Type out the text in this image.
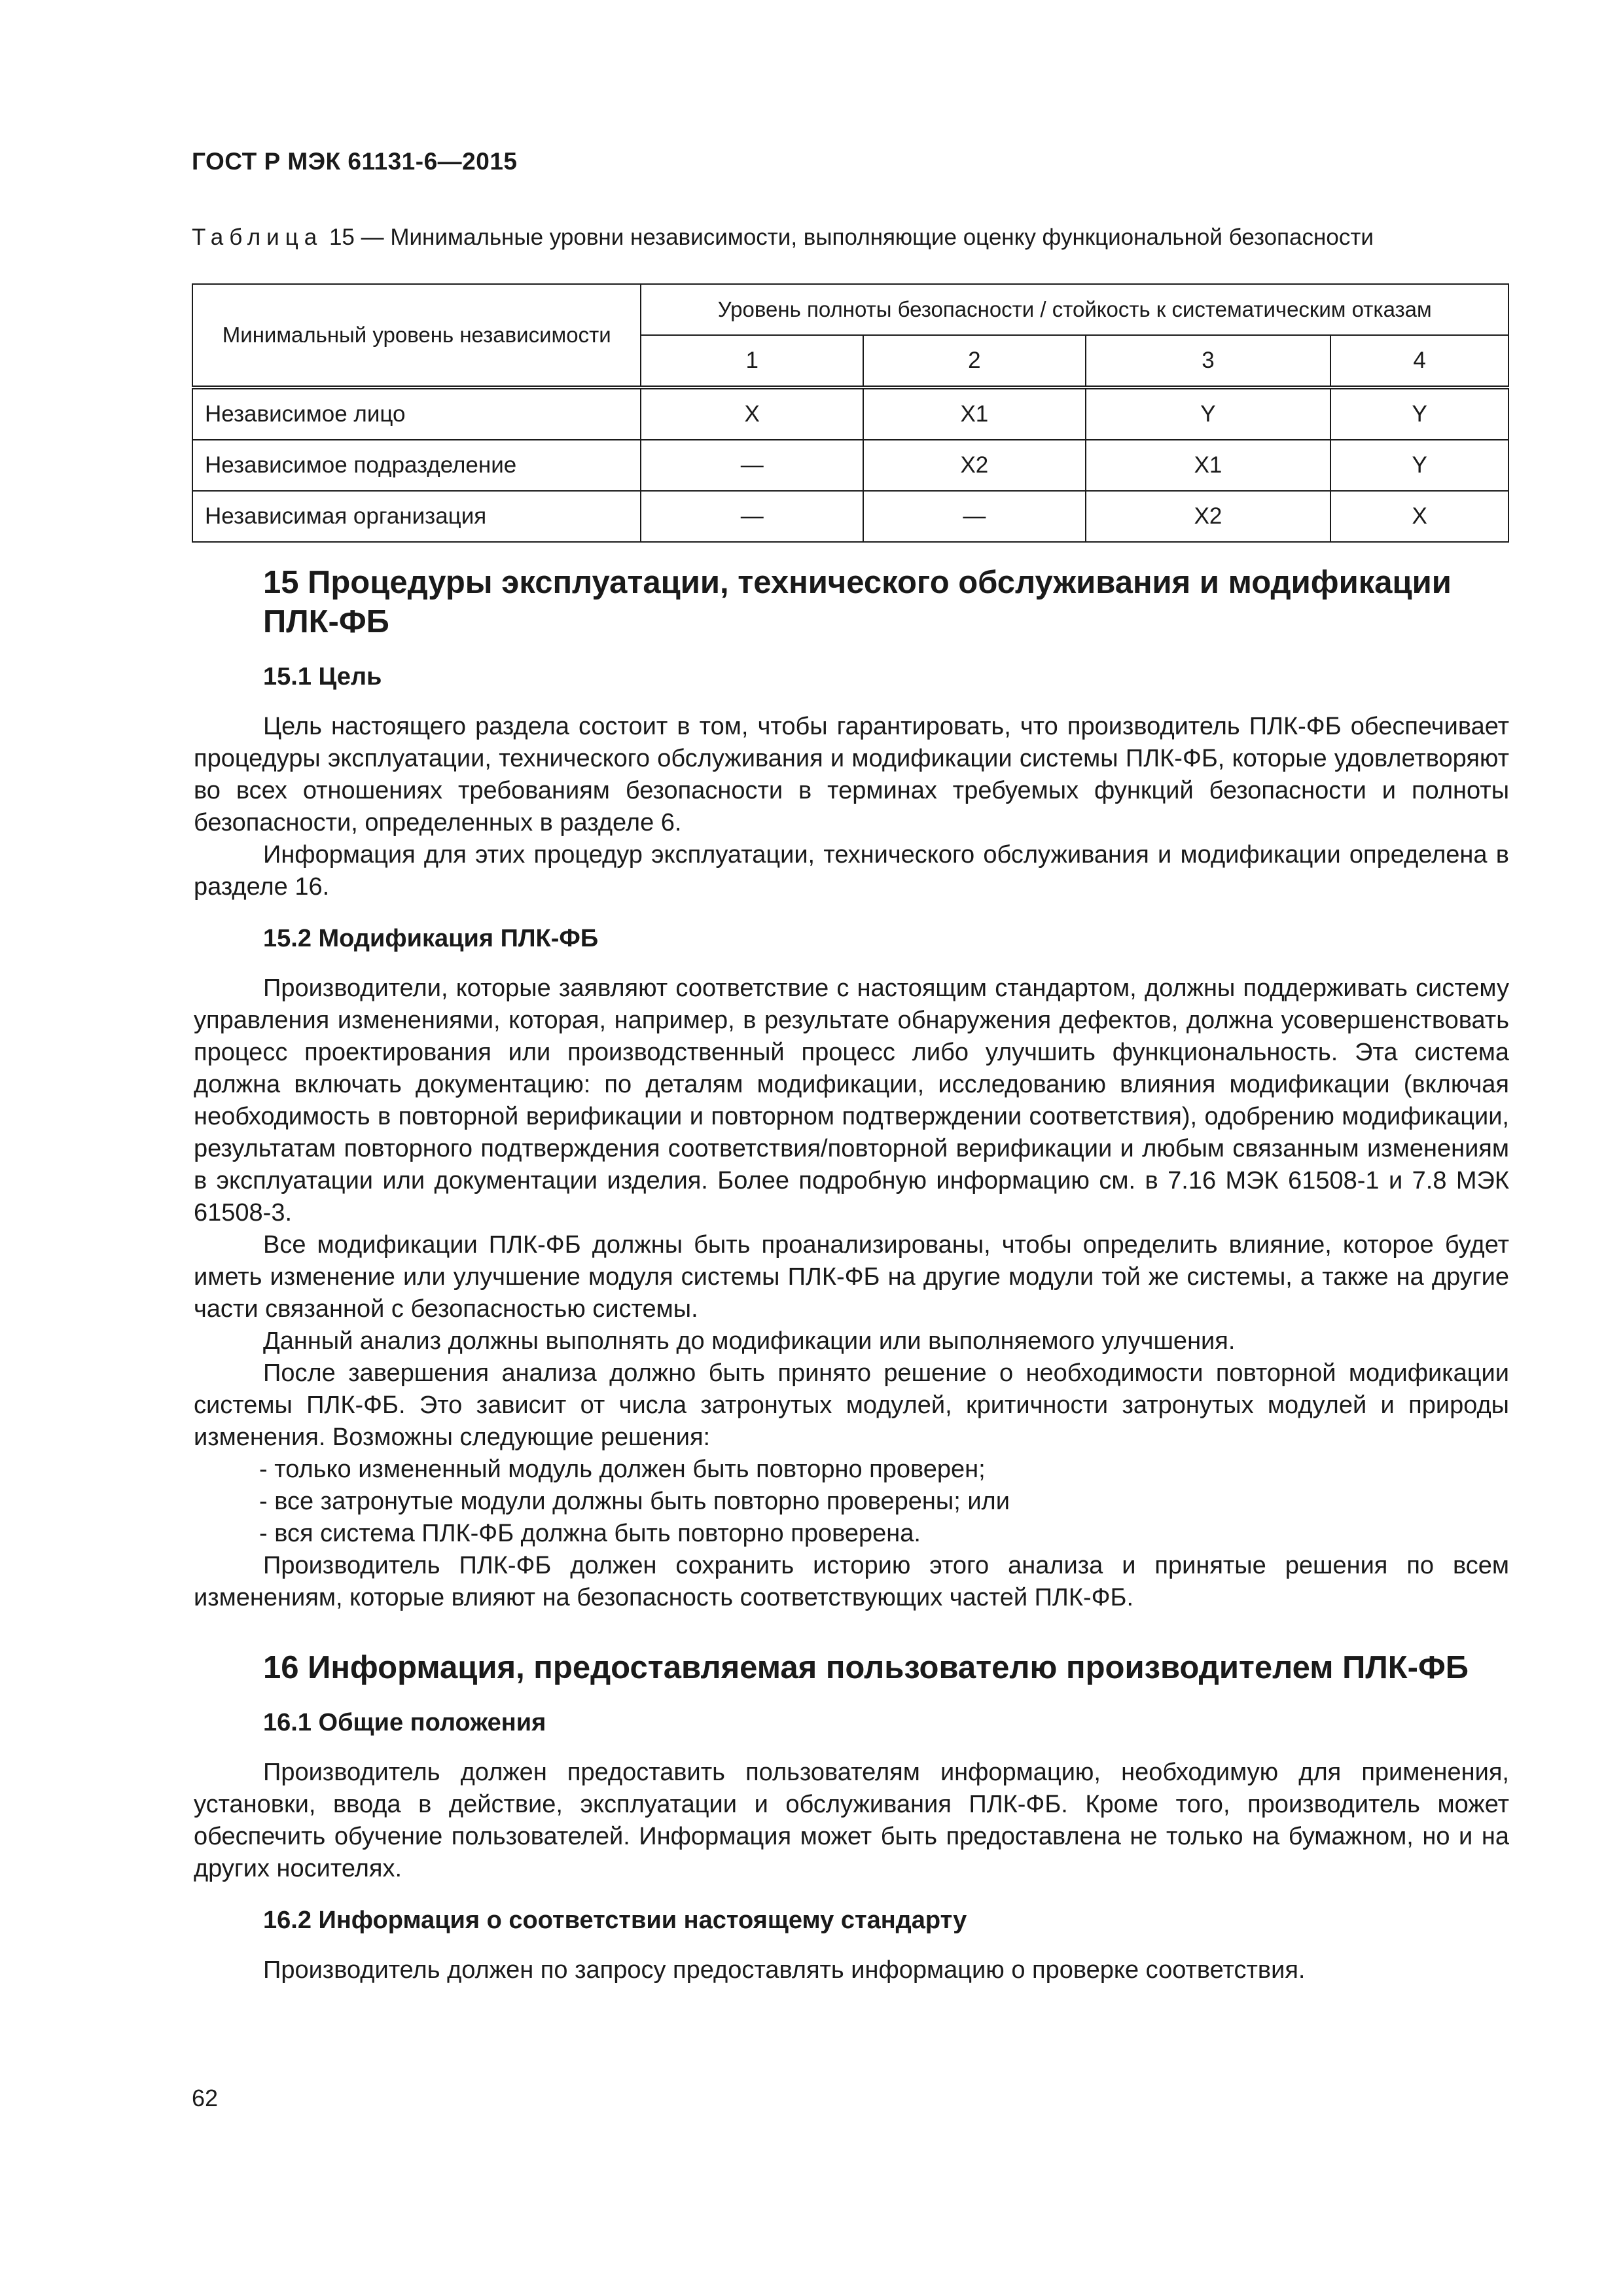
ГОСТ Р МЭК 61131-6—2015
Таблица 15 — Минимальные уровни независимости, выполняющие оценку функциональной безопасности
Минимальный уровень независимости	Уровень полноты безопасности / стойкость к систематическим отказам			
	1	2	3	4
Независимое лицо	X	X1	Y	Y
Независимое подразделение	—	X2	X1	Y
Независимая организация	—	—	X2	X
15 Процедуры эксплуатации, технического обслуживания и модификации ПЛК-ФБ
15.1 Цель

Цель настоящего раздела состоит в том, чтобы гарантировать, что производитель ПЛК-ФБ обеспечивает процедуры эксплуатации, технического обслуживания и модификации системы ПЛК-ФБ, которые удовлетворяют во всех отношениях требованиям безопасности в терминах требуемых функций безопасности и полноты безопасности, определенных в разделе 6.

Информация для этих процедур эксплуатации, технического обслуживания и модификации определена в разделе 16.

15.2 Модификация ПЛК-ФБ

Производители, которые заявляют соответствие с настоящим стандартом, должны поддерживать систему управления изменениями, которая, например, в результате обнаружения дефектов, должна усовершенствовать процесс проектирования или производственный процесс либо улучшить функциональность. Эта система должна включать документацию: по деталям модификации, исследованию влияния модификации (включая необходимость в повторной верификации и повторном подтверждении соответствия), одобрению модификации, результатам повторного подтверждения соответствия/повторной верификации и любым связанным изменениям в эксплуатации или документации изделия. Более подробную информацию см. в 7.16 МЭК 61508-1 и 7.8 МЭК 61508-3.

Все модификации ПЛК-ФБ должны быть проанализированы, чтобы определить влияние, которое будет иметь изменение или улучшение модуля системы ПЛК-ФБ на другие модули той же системы, а также на другие части связанной с безопасностью системы.

Данный анализ должны выполнять до модификации или выполняемого улучшения.

После завершения анализа должно быть принято решение о необходимости повторной модификации системы ПЛК-ФБ. Это зависит от числа затронутых модулей, критичности затронутых модулей и природы изменения. Возможны следующие решения:

- только измененный модуль должен быть повторно проверен;
- все затронутые модули должны быть повторно проверены; или
- вся система ПЛК-ФБ должна быть повторно проверена.

Производитель ПЛК-ФБ должен сохранить историю этого анализа и принятые решения по всем изменениям, которые влияют на безопасность соответствующих частей ПЛК-ФБ.

16 Информация, предоставляемая пользователю производителем ПЛК-ФБ
16.1 Общие положения

Производитель должен предоставить пользователям информацию, необходимую для применения, установки, ввода в действие, эксплуатации и обслуживания ПЛК-ФБ. Кроме того, производитель может обеспечить обучение пользователей. Информация может быть предоставлена не только на бумажном, но и на других носителях.

16.2 Информация о соответствии настоящему стандарту

Производитель должен по запросу предоставлять информацию о проверке соответствия.

62
